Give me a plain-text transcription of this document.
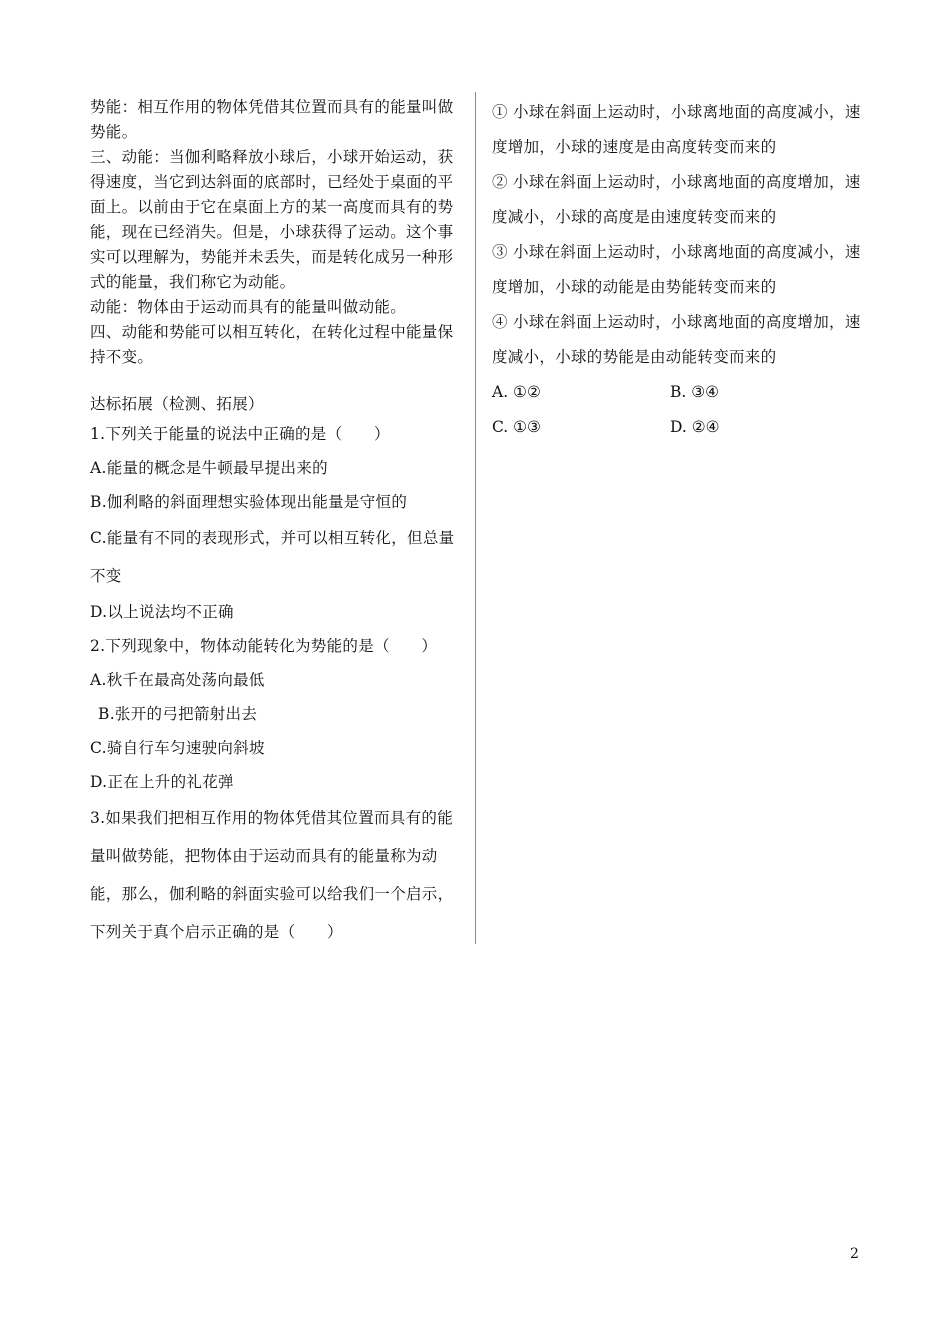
势能：相互作用的物体凭借其位置而具有的能量叫做势能。

三、动能：当伽利略释放小球后，小球开始运动，获得速度，当它到达斜面的底部时，已经处于桌面的平面上。以前由于它在桌面上方的某一高度而具有的势能，现在已经消失。但是，小球获得了运动。这个事实可以理解为，势能并未丢失，而是转化成另一种形式的能量，我们称它为动能。

动能：物体由于运动而具有的能量叫做动能。

四、动能和势能可以相互转化，在转化过程中能量保持不变。

达标拓展（检测、拓展）

1.下列关于能量的说法中正确的是（　　）

A.能量的概念是牛顿最早提出来的

B.伽利略的斜面理想实验体现出能量是守恒的

C.能量有不同的表现形式，并可以相互转化，但总量不变

D.以上说法均不正确

2.下列现象中，物体动能转化为势能的是（　　）

A.秋千在最高处荡向最低

B.张开的弓把箭射出去

C.骑自行车匀速驶向斜坡

D.正在上升的礼花弹

3.如果我们把相互作用的物体凭借其位置而具有的能量叫做势能，把物体由于运动而具有的能量称为动能，那么，伽利略的斜面实验可以给我们一个启示，下列关于真个启示正确的是（　　）

① 小球在斜面上运动时，小球离地面的高度减小，速度增加，小球的速度是由高度转变而来的

② 小球在斜面上运动时，小球离地面的高度增加，速度减小，小球的高度是由速度转变而来的

③ 小球在斜面上运动时，小球离地面的高度减小，速度增加，小球的动能是由势能转变而来的

④ 小球在斜面上运动时，小球离地面的高度增加，速度减小，小球的势能是由动能转变而来的

A. ①②	B. ③④
C. ①③	D. ②④
2
